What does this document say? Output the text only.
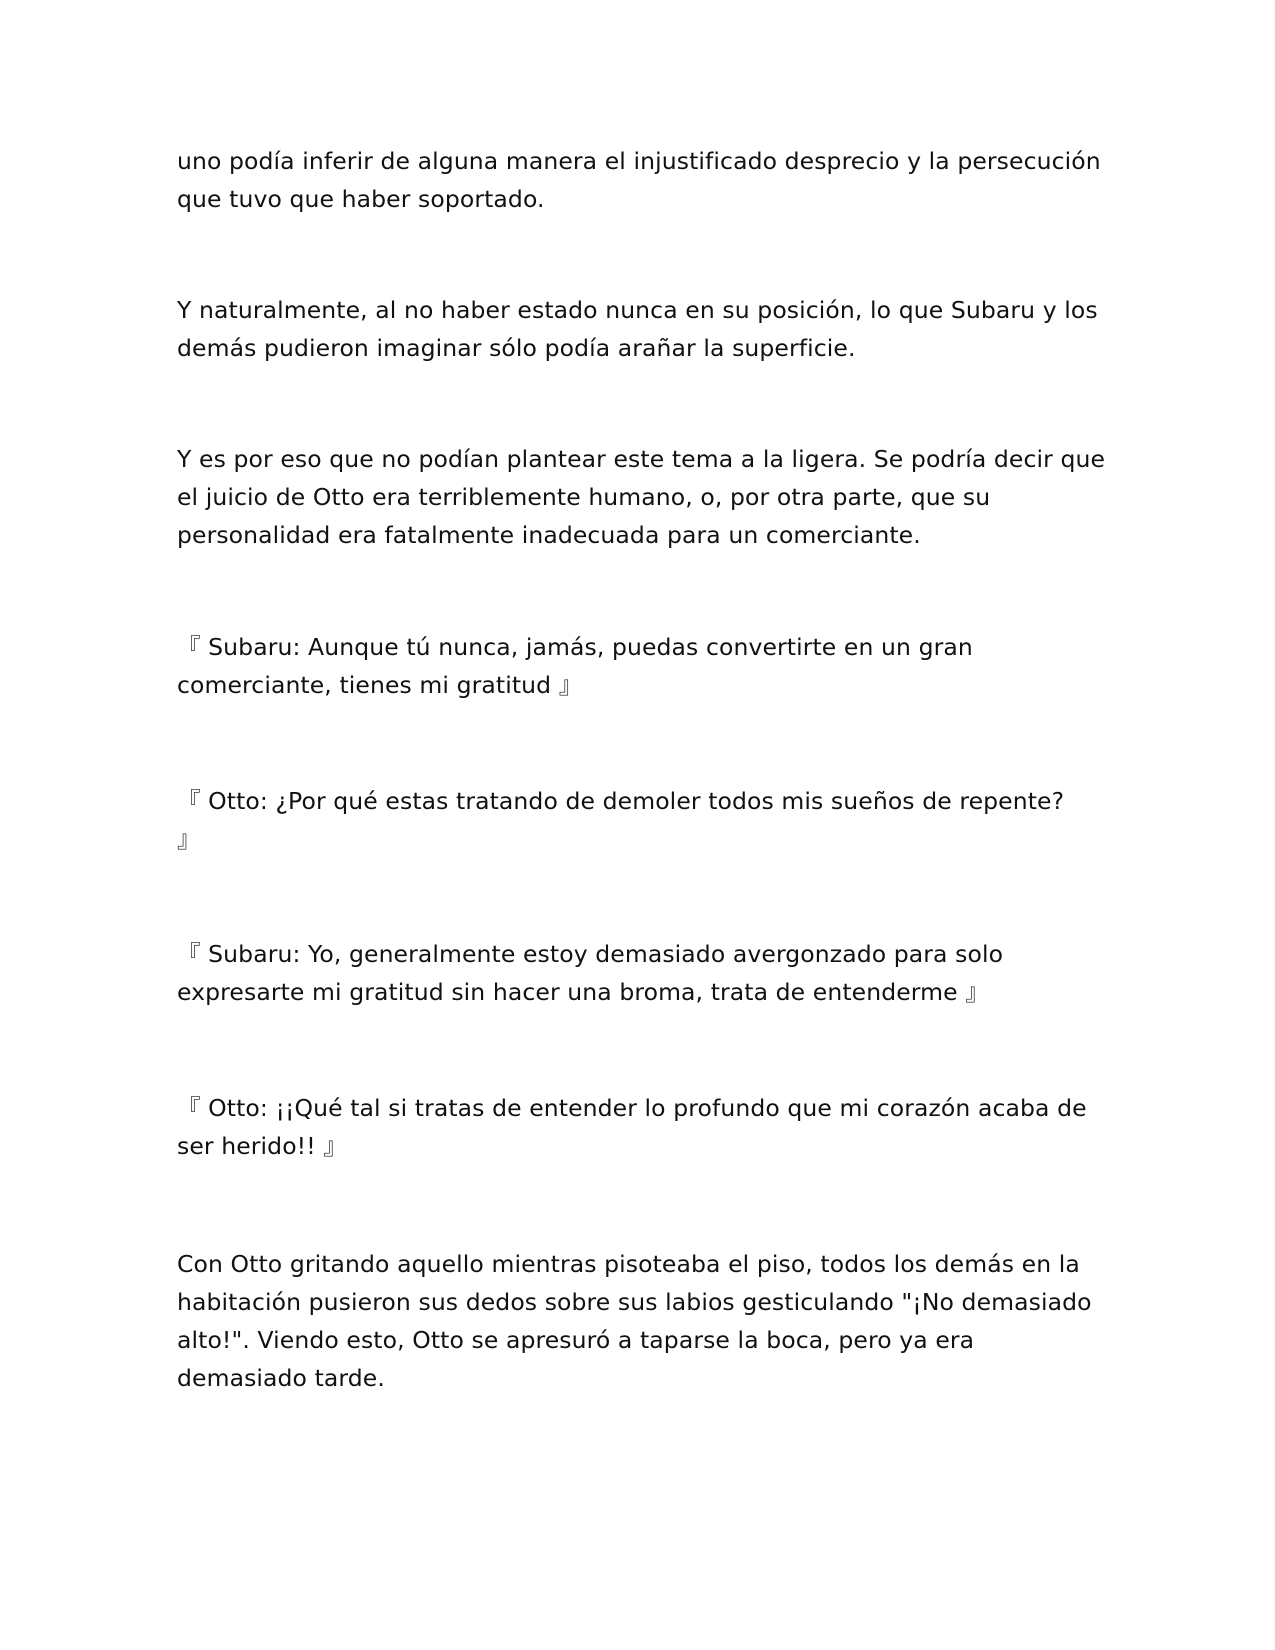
uno podía inferir de alguna manera el injustificado desprecio y la persecución
que tuvo que haber soportado.

Y naturalmente, al no haber estado nunca en su posición, lo que Subaru y los
demás pudieron imaginar sólo podía arañar la superficie.

Y es por eso que no podían plantear este tema a la ligera. Se podría decir que
el juicio de Otto era terriblemente humano, o, por otra parte, que su
personalidad era fatalmente inadecuada para un comerciante.

『 Subaru: Aunque tú nunca, jamás, puedas convertirte en un gran
comerciante, tienes mi gratitud 』

『 Otto: ¿Por qué estas tratando de demoler todos mis sueños de repente?
』

『 Subaru: Yo, generalmente estoy demasiado avergonzado para solo
expresarte mi gratitud sin hacer una broma, trata de entenderme 』

『 Otto: ¡¡Qué tal si tratas de entender lo profundo que mi corazón acaba de
ser herido!! 』

Con Otto gritando aquello mientras pisoteaba el piso, todos los demás en la
habitación pusieron sus dedos sobre sus labios gesticulando "¡No demasiado
alto!". Viendo esto, Otto se apresuró a taparse la boca, pero ya era
demasiado tarde.
